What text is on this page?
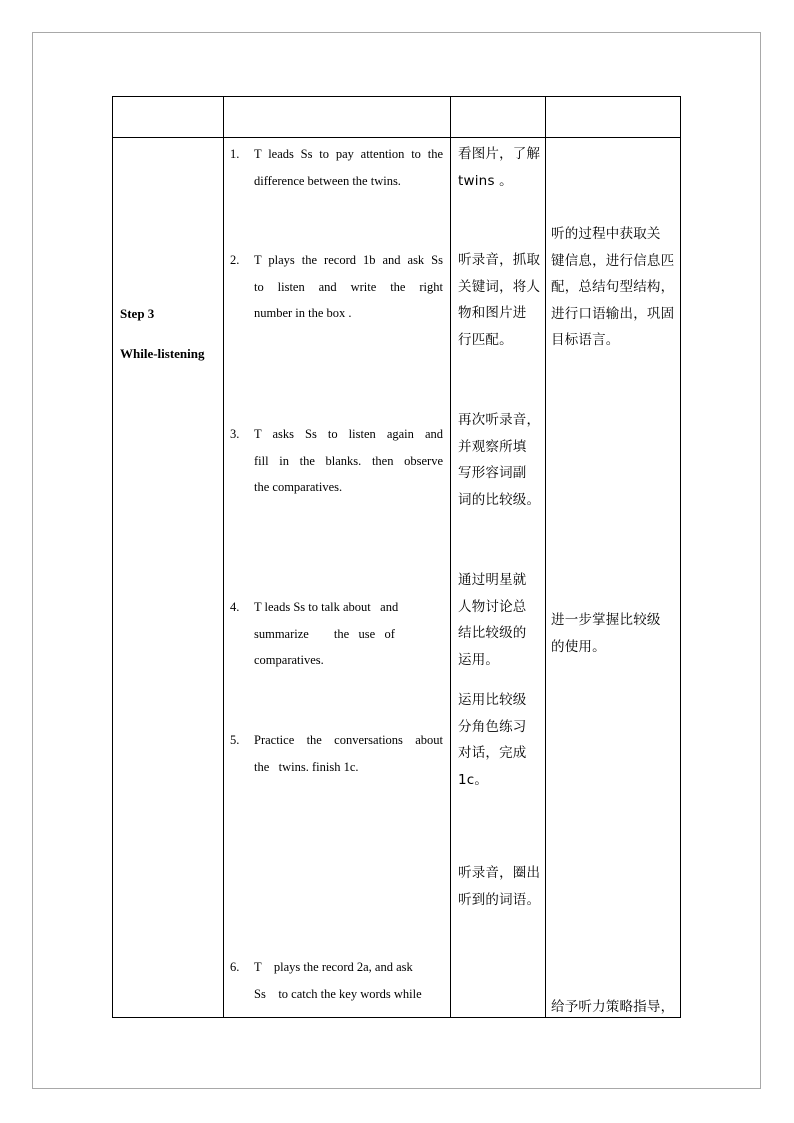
Step 3
While-listening
1. T leads Ss to pay attention to the
difference between the twins.
看图片，了解
twins 。
2. T plays the record 1b and ask Ss
to listen and write the right
number in the box .
听录音，抓取
关键词，将人
物和图片进
行匹配。
3. T asks Ss to listen again and
fill in the blanks. then observe
the comparatives.
再次听录音，
并观察所填
写形容词副
词的比较级。
4. T leads Ss to talk about   and
summarize        the   use   of
comparatives.
通过明星就
人物讨论总
结比较级的
运用。
5. Practice the conversations about
the   twins. finish 1c.
运用比较级
分角色练习
对话，完成1c。
听录音，圈出
听到的词语。
6. T    plays the record 2a, and ask
Ss    to catch the key words while
听的过程中获取关
键信息，进行信息匹
配，总结句型结构，
进行口语输出，巩固
目标语言。
进一步掌握比较级
的使用。
给予听力策略指导，
